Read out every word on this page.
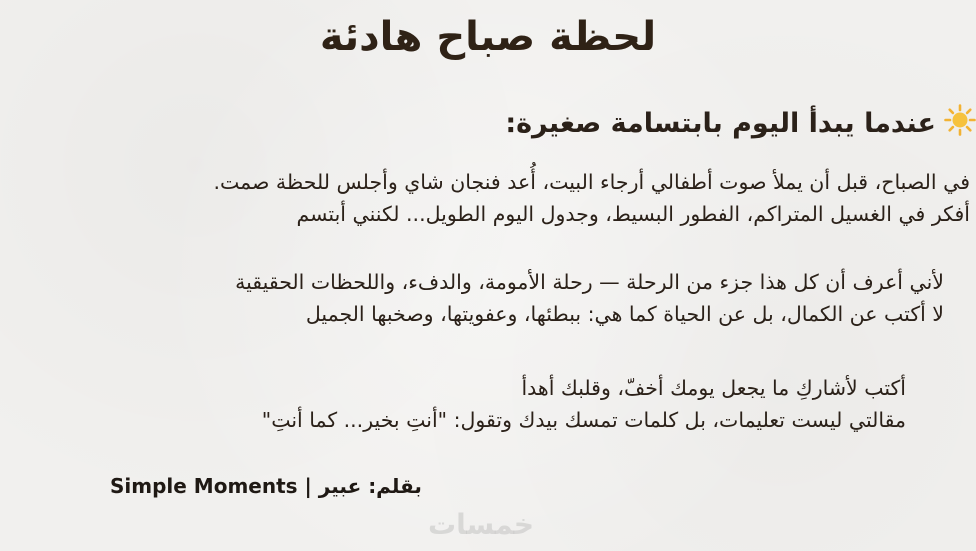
لحظة صباح هادئة
عندما يبدأ اليوم بابتسامة صغيرة:

في الصباح، قبل أن يملأ صوت أطفالي أرجاء البيت، أُعد فنجان شاي وأجلس للحظة صمت.
أفكر في الغسيل المتراكم، الفطور البسيط، وجدول اليوم الطويل... لكنني أبتسم

لأني أعرف أن كل هذا جزء من الرحلة — رحلة الأمومة، والدفء، واللحظات الحقيقية
لا أكتب عن الكمال، بل عن الحياة كما هي: ببطئها، وعفويتها، وصخبها الجميل

أكتب لأشاركِ ما يجعل يومك أخفّ، وقلبك أهدأ
مقالتي ليست تعليمات، بل كلمات تمسك بيدك وتقول: "أنتِ بخير... كما أنتِ"

بقلم: عبير | Simple Moments

خمسات
